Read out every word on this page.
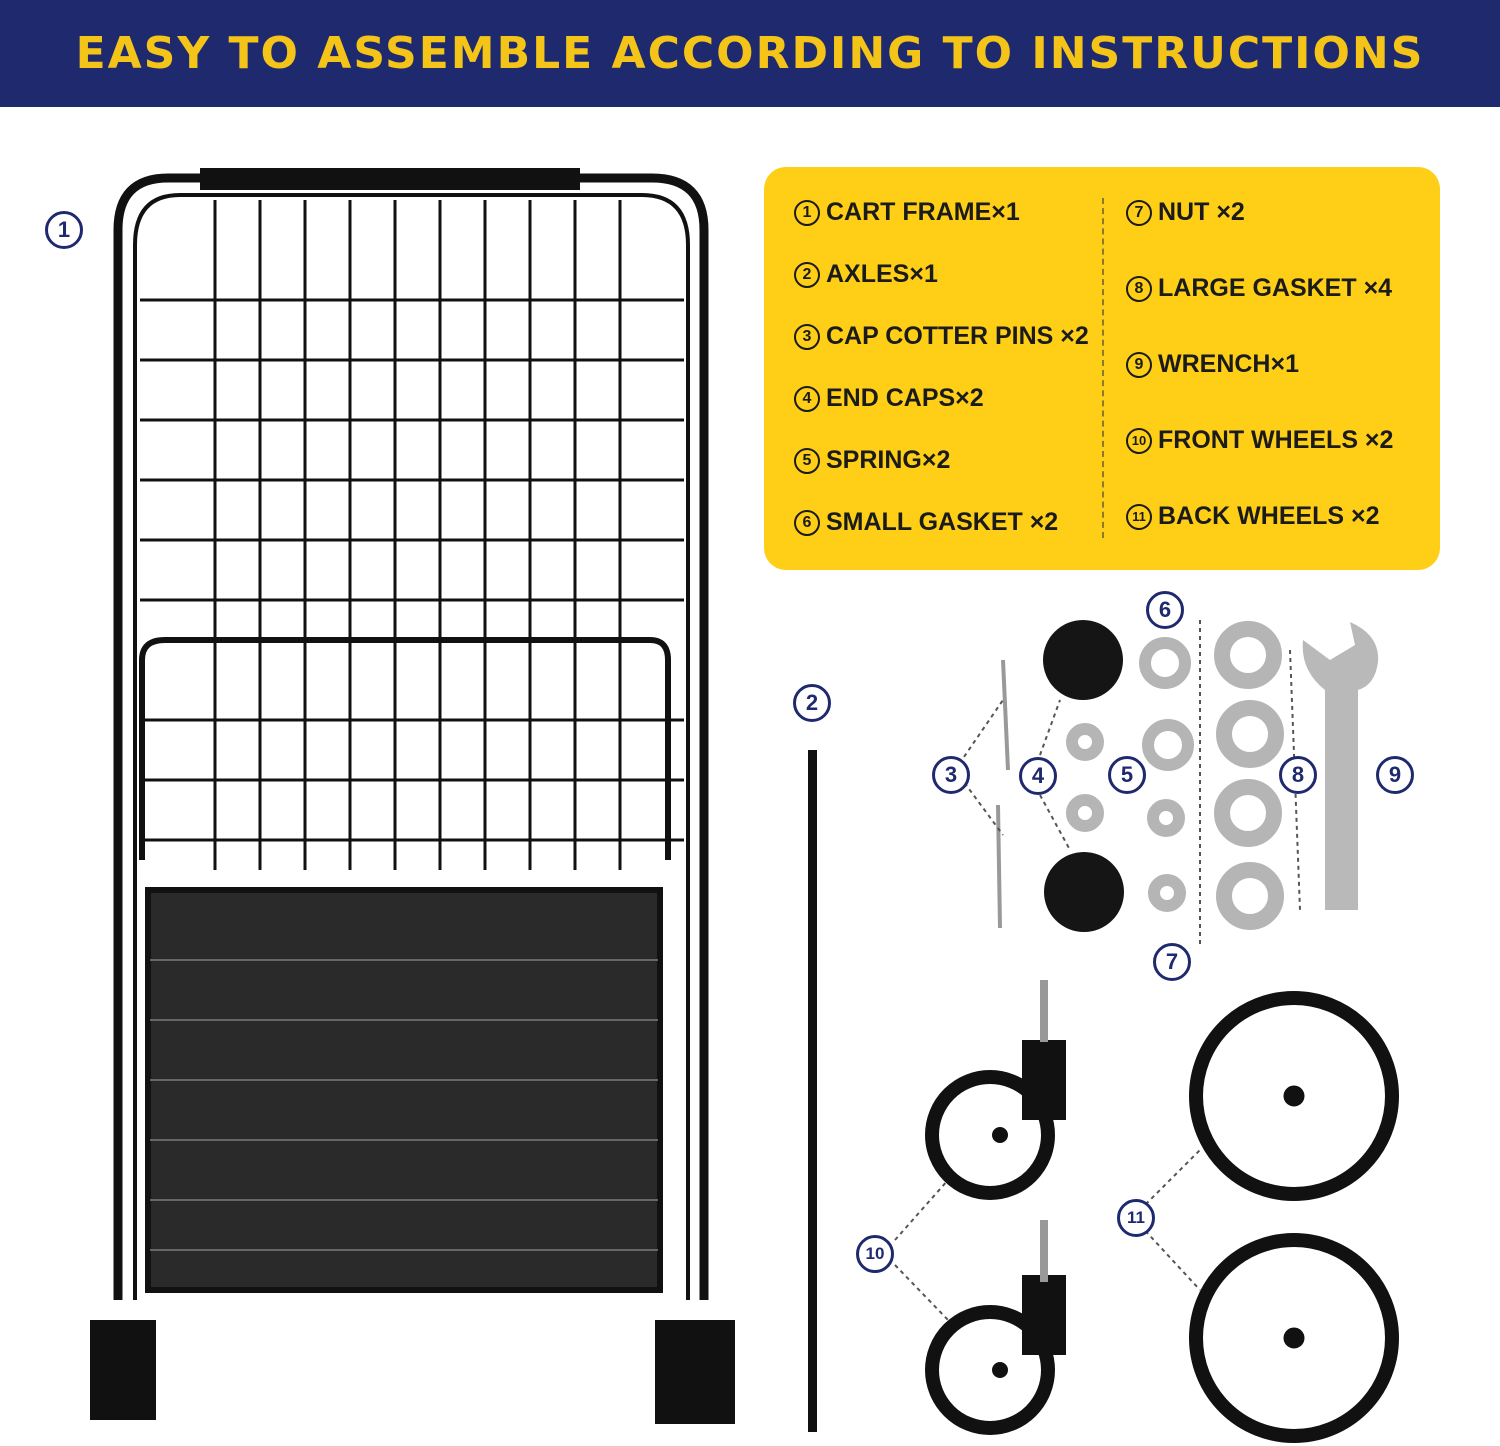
EASY TO ASSEMBLE ACCORDING TO INSTRUCTIONS
1
2
3	4	5
6
7
8	9
10
11
1 CART FRAME×1
2 AXLES×1
3 CAP COTTER PINS ×2
4 END CAPS×2
5 SPRING×2
6 SMALL GASKET ×2
7 NUT ×2
8 LARGE GASKET ×4
9 WRENCH×1
10 FRONT WHEELS ×2
11 BACK WHEELS ×2
